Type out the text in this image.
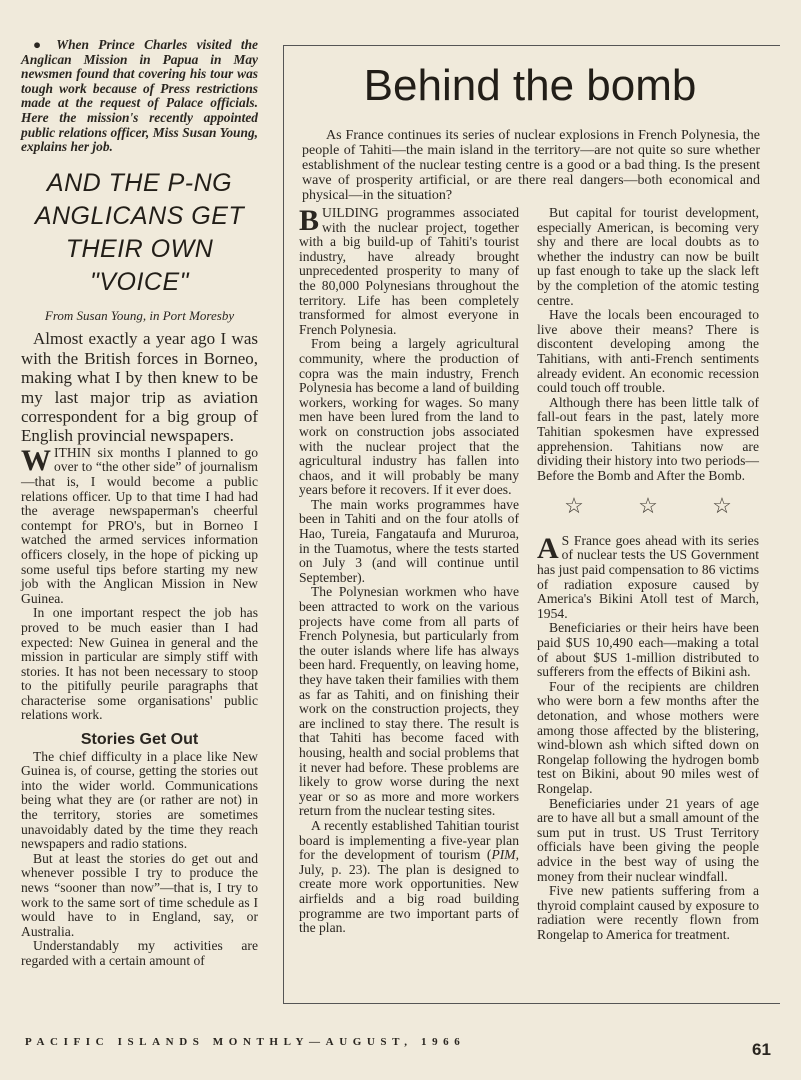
● When Prince Charles visited the Anglican Mission in Papua in May newsmen found that covering his tour was tough work because of Press restrictions made at the request of Palace officials. Here the mission's recently appointed public relations officer, Miss Susan Young, explains her job.

AND THE P-NG
ANGLICANS GET
THEIR OWN
"VOICE"
From Susan Young, in Port Moresby

Almost exactly a year ago I was with the British forces in Borneo, making what I by then knew to be my last major trip as aviation correspondent for a big group of English provincial newspapers.

WITHIN six months I planned to go over to “the other side” of journalism—that is, I would become a public relations officer. Up to that time I had had the average newspaperman's cheerful contempt for PRO's, but in Borneo I watched the armed services information officers closely, in the hope of picking up some useful tips before starting my new job with the Anglican Mission in New Guinea.

In one important respect the job has proved to be much easier than I had expected: New Guinea in general and the mission in particular are simply stiff with stories. It has not been necessary to stoop to the pitifully peurile paragraphs that characterise some organisations' public relations work.

Stories Get Out

The chief difficulty in a place like New Guinea is, of course, getting the stories out into the wider world. Communications being what they are (or rather are not) in the territory, stories are sometimes unavoidably dated by the time they reach newspapers and radio stations.

But at least the stories do get out and whenever possible I try to produce the news “sooner than now”—that is, I try to work to the same sort of time schedule as I would have to in England, say, or Australia.

Understandably my activities are regarded with a certain amount of

Behind the bomb

As France continues its series of nuclear explosions in French Polynesia, the people of Tahiti—the main island in the territory—are not quite so sure whether establishment of the nuclear testing centre is a good or a bad thing. Is the present wave of prosperity artificial, or are there real dangers—both economical and physical—in the situation?

BUILDING programmes associated with the nuclear project, together with a big build-up of Tahiti's tourist industry, have already brought unprecedented prosperity to many of the 80,000 Polynesians throughout the territory. Life has been completely transformed for almost everyone in French Polynesia.

From being a largely agricultural community, where the production of copra was the main industry, French Polynesia has become a land of building workers, working for wages. So many men have been lured from the land to work on construction jobs associated with the nuclear project that the agricultural industry has fallen into chaos, and it will probably be many years before it recovers. If it ever does.

The main works programmes have been in Tahiti and on the four atolls of Hao, Tureia, Fangataufa and Mururoa, in the Tuamotus, where the tests started on July 3 (and will continue until September).

The Polynesian workmen who have been attracted to work on the various projects have come from all parts of French Polynesia, but particularly from the outer islands where life has always been hard. Frequently, on leaving home, they have taken their families with them as far as Tahiti, and on finishing their work on the construction projects, they are inclined to stay there. The result is that Tahiti has become faced with housing, health and social problems that it never had before. These problems are likely to grow worse during the next year or so as more and more workers return from the nuclear testing sites.

A recently established Tahitian tourist board is implementing a five-year plan for the development of tourism (PIM, July, p. 23). The plan is designed to create more work opportunities. New airfields and a big road building programme are two important parts of the plan.

But capital for tourist development, especially American, is becoming very shy and there are local doubts as to whether the industry can now be built up fast enough to take up the slack left by the completion of the atomic testing centre.

Have the locals been encouraged to live above their means? There is discontent developing among the Tahitians, with anti-French sentiments already evident. An economic recession could touch off trouble.

Although there has been little talk of fall-out fears in the past, lately more Tahitian spokesmen have expressed apprehension. Tahitians now are dividing their history into two periods—Before the Bomb and After the Bomb.

☆ ☆ ☆

A S France goes ahead with its series of nuclear tests the US Government has just paid compensation to 86 victims of radiation exposure caused by America's Bikini Atoll test of March, 1954.

Beneficiaries or their heirs have been paid $US 10,490 each—making a total of about $US 1-million distributed to sufferers from the effects of Bikini ash.

Four of the recipients are children who were born a few months after the detonation, and whose mothers were among those affected by the blistering, wind-blown ash which sifted down on Rongelap following the hydrogen bomb test on Bikini, about 90 miles west of Rongelap.

Beneficiaries under 21 years of age are to have all but a small amount of the sum put in trust. US Trust Territory officials have been giving the people advice in the best way of using the money from their nuclear windfall.

Five new patients suffering from a thyroid complaint caused by exposure to radiation were recently flown from Rongelap to America for treatment.

PACIFIC ISLANDS MONTHLY—AUGUST, 1966	61
